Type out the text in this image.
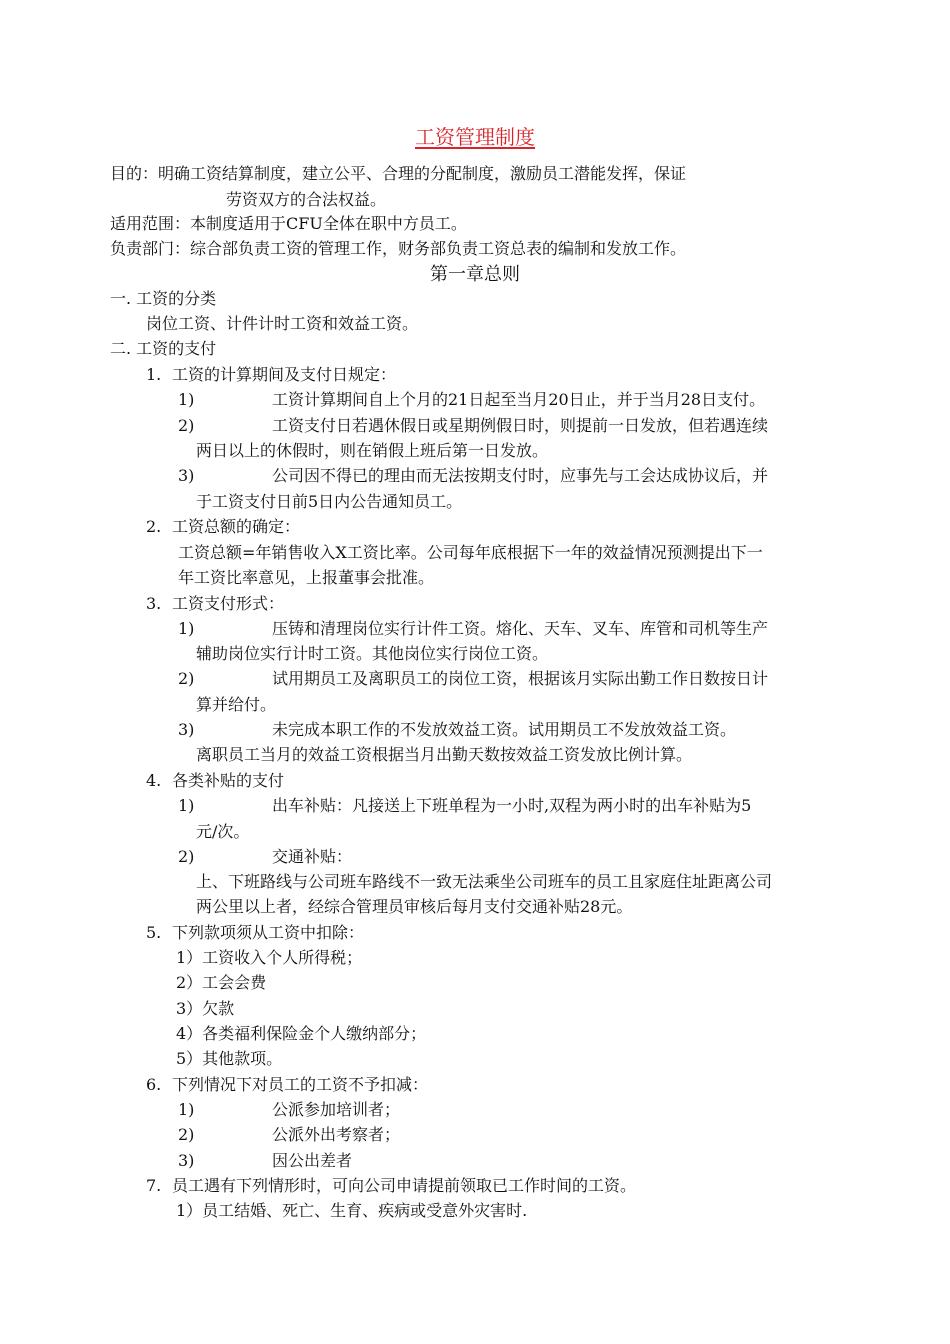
工资管理制度
目的：明确工资结算制度，建立公平、合理的分配制度，激励员工潜能发挥，保证
劳资双方的合法权益。
适用范围：本制度适用于CFU全体在职中方员工。
负责部门：综合部负责工资的管理工作，财务部负责工资总表的编制和发放工作。
第一章总则
一. 工资的分类
岗位工资、计件计时工资和效益工资。
二. 工资的支付
1. 工资的计算期间及支付日规定：
1)	工资计算期间自上个月的21日起至当月20日止，并于当月28日支付。
2)	工资支付日若遇休假日或星期例假日时，则提前一日发放，但若遇连续
两日以上的休假时，则在销假上班后第一日发放。
3)	公司因不得已的理由而无法按期支付时，应事先与工会达成协议后，并
于工资支付日前5日内公告通知员工。
2. 工资总额的确定：
工资总额=年销售收入X工资比率。公司每年底根据下一年的效益情况预测提出下一
年工资比率意见，上报董事会批准。
3. 工资支付形式：
1)	压铸和清理岗位实行计件工资。熔化、天车、叉车、库管和司机等生产
辅助岗位实行计时工资。其他岗位实行岗位工资。
2)	试用期员工及离职员工的岗位工资，根据该月实际出勤工作日数按日计
算并给付。
3)	未完成本职工作的不发放效益工资。试用期员工不发放效益工资。
离职员工当月的效益工资根据当月出勤天数按效益工资发放比例计算。
4. 各类补贴的支付
1)	出车补贴：凡接送上下班单程为一小时,双程为两小时的出车补贴为5
元/次。
2)	交通补贴：
上、下班路线与公司班车路线不一致无法乘坐公司班车的员工且家庭住址距离公司
两公里以上者，经综合管理员审核后每月支付交通补贴28元。
5. 下列款项须从工资中扣除：
1）工资收入个人所得税；
2）工会会费
3）欠款
4）各类福利保险金个人缴纳部分；
5）其他款项。
6. 下列情况下对员工的工资不予扣减：
1)	公派参加培训者；
2)	公派外出考察者；
3)	因公出差者
7. 员工遇有下列情形时，可向公司申请提前领取已工作时间的工资。
1）员工结婚、死亡、生育、疾病或受意外灾害时.
